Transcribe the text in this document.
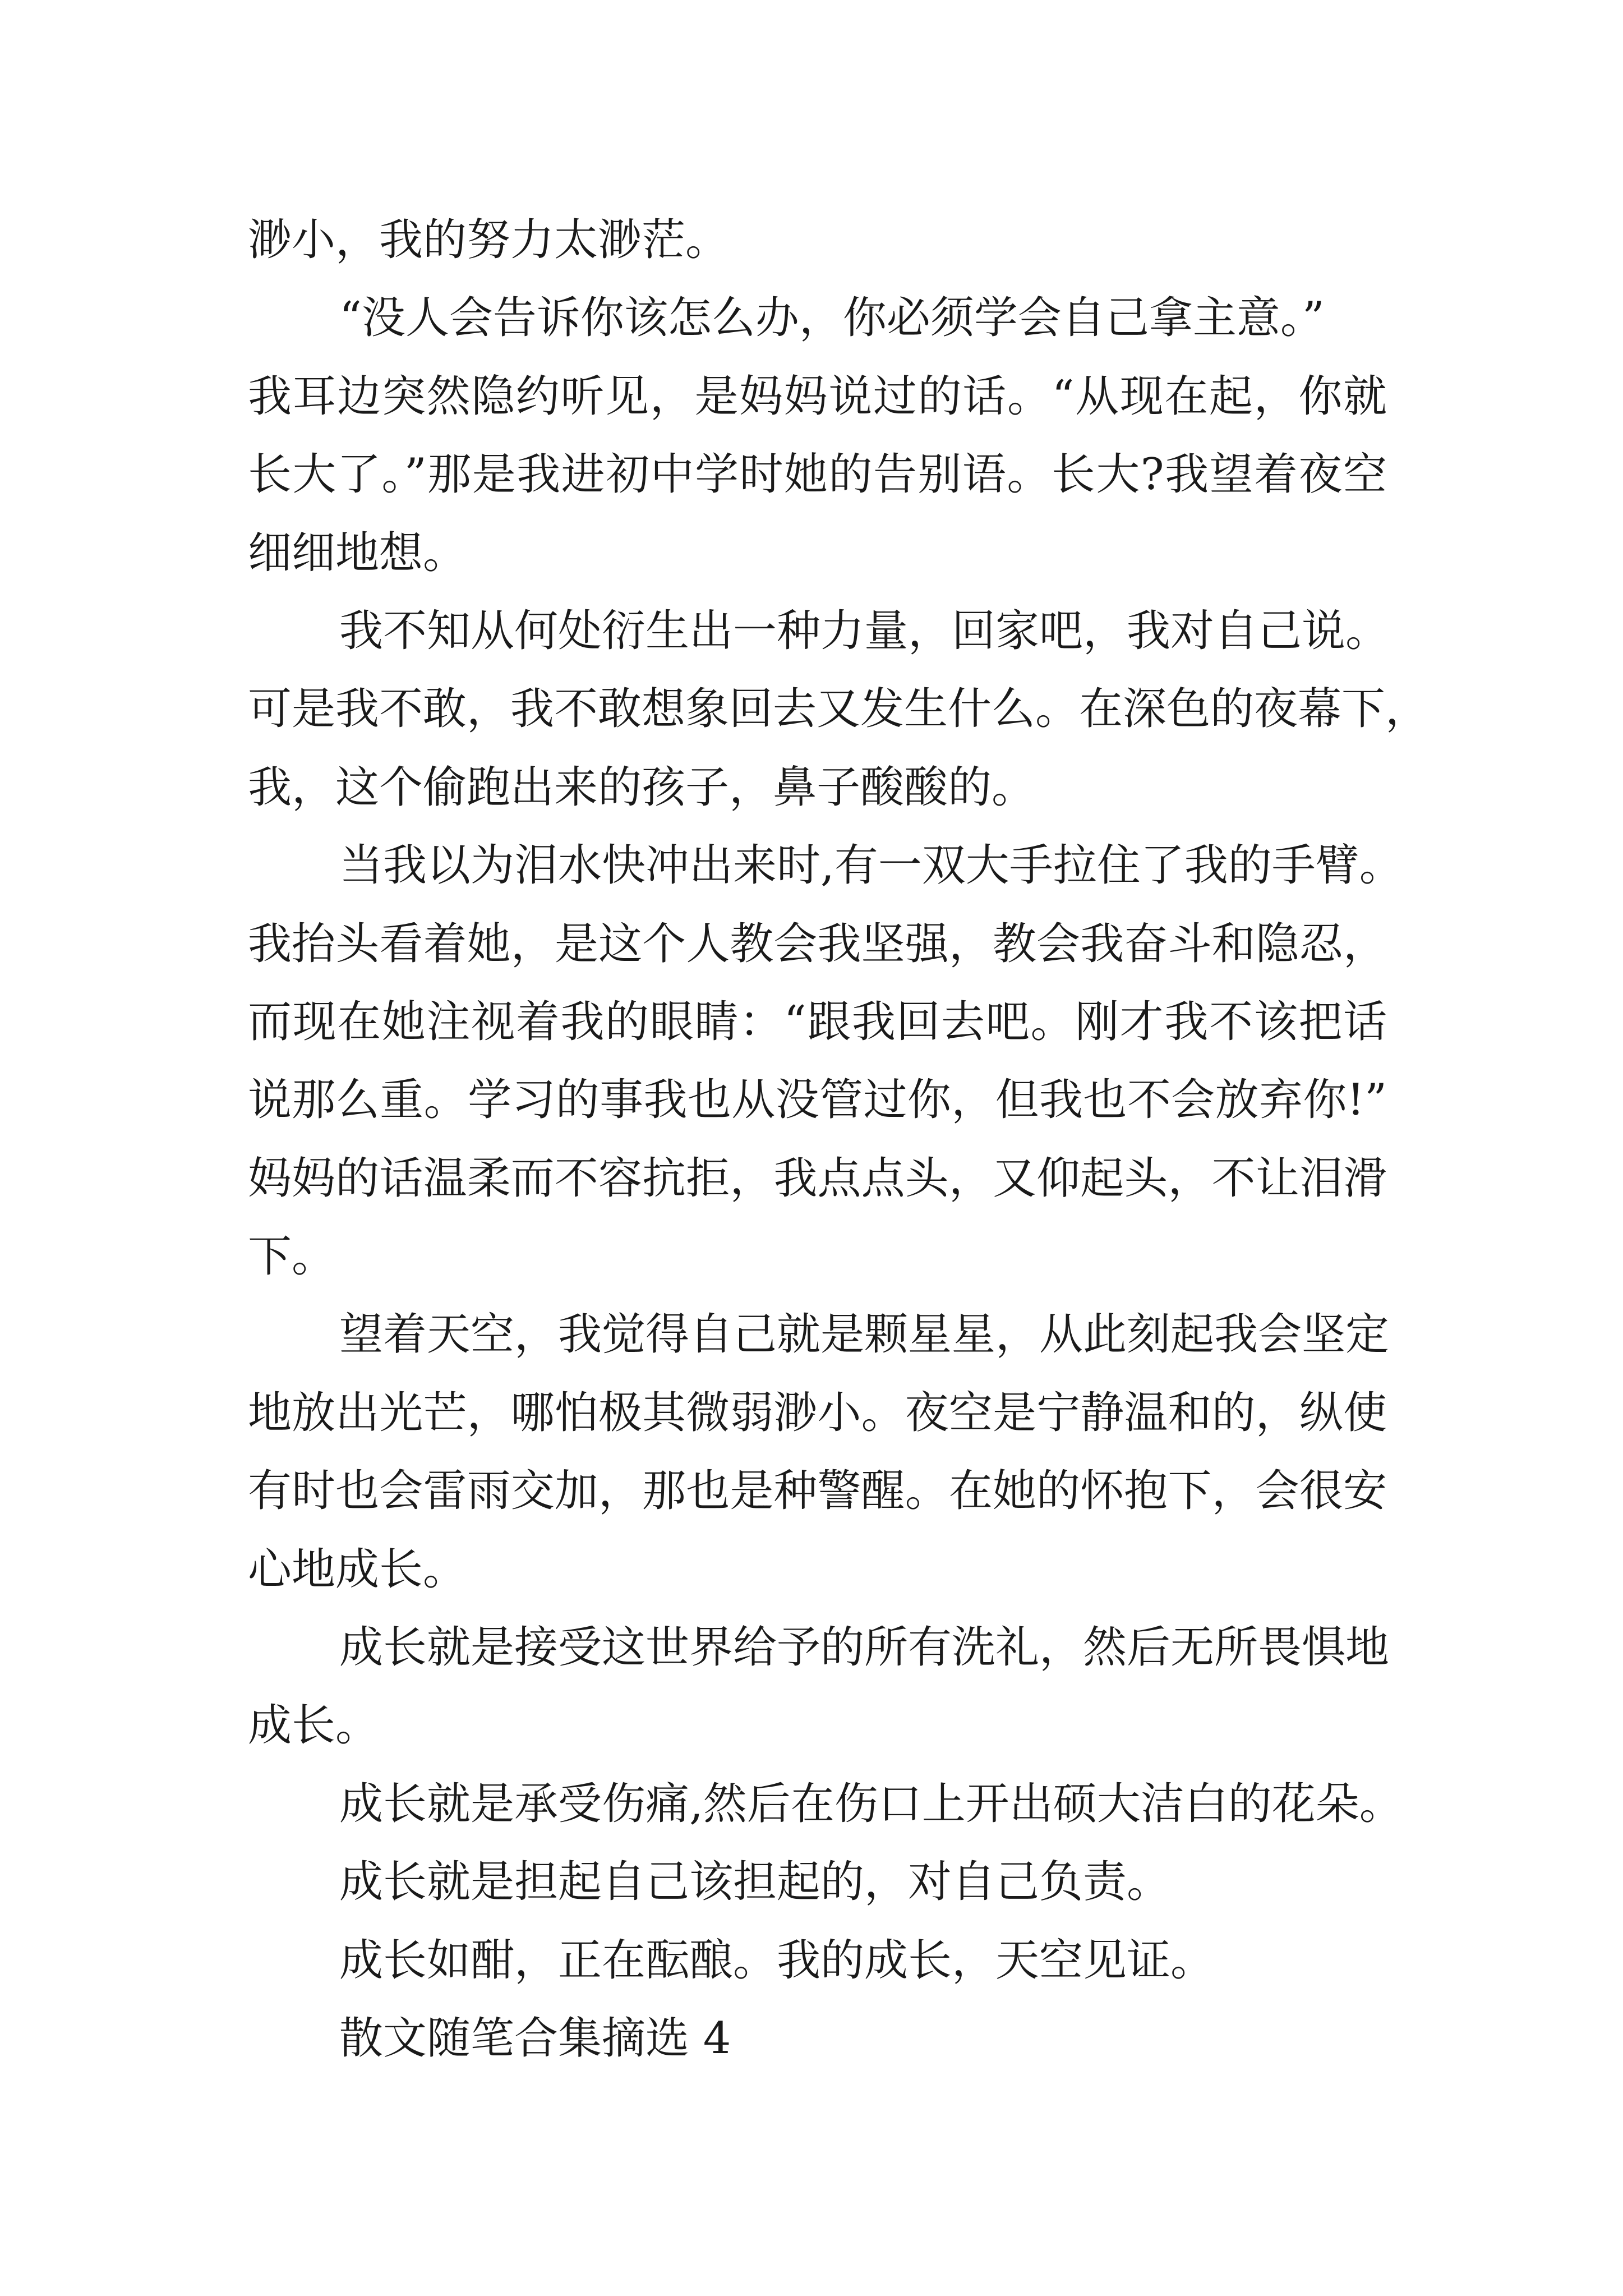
渺小，我的努力太渺茫。
“没人会告诉你该怎么办，你必须学会自己拿主意。”
我耳边突然隐约听见，是妈妈说过的话。“从现在起，你就
长大了。”那是我进初中学时她的告别语。长大?我望着夜空
细细地想。
我不知从何处衍生出一种力量，回家吧，我对自己说。
可是我不敢，我不敢想象回去又发生什么。在深色的夜幕下，
我，这个偷跑出来的孩子，鼻子酸酸的。
当我以为泪水快冲出来时,有一双大手拉住了我的手臂。
我抬头看着她，是这个人教会我坚强，教会我奋斗和隐忍，
而现在她注视着我的眼睛：“跟我回去吧。刚才我不该把话
说那么重。学习的事我也从没管过你，但我也不会放弃你!”
妈妈的话温柔而不容抗拒，我点点头，又仰起头，不让泪滑
下。
望着天空，我觉得自己就是颗星星，从此刻起我会坚定
地放出光芒，哪怕极其微弱渺小。夜空是宁静温和的，纵使
有时也会雷雨交加，那也是种警醒。在她的怀抱下，会很安
心地成长。
成长就是接受这世界给予的所有洗礼，然后无所畏惧地
成长。
成长就是承受伤痛,然后在伤口上开出硕大洁白的花朵。
成长就是担起自己该担起的，对自己负责。
成长如酣，正在酝酿。我的成长，天空见证。
散文随笔合集摘选 4
